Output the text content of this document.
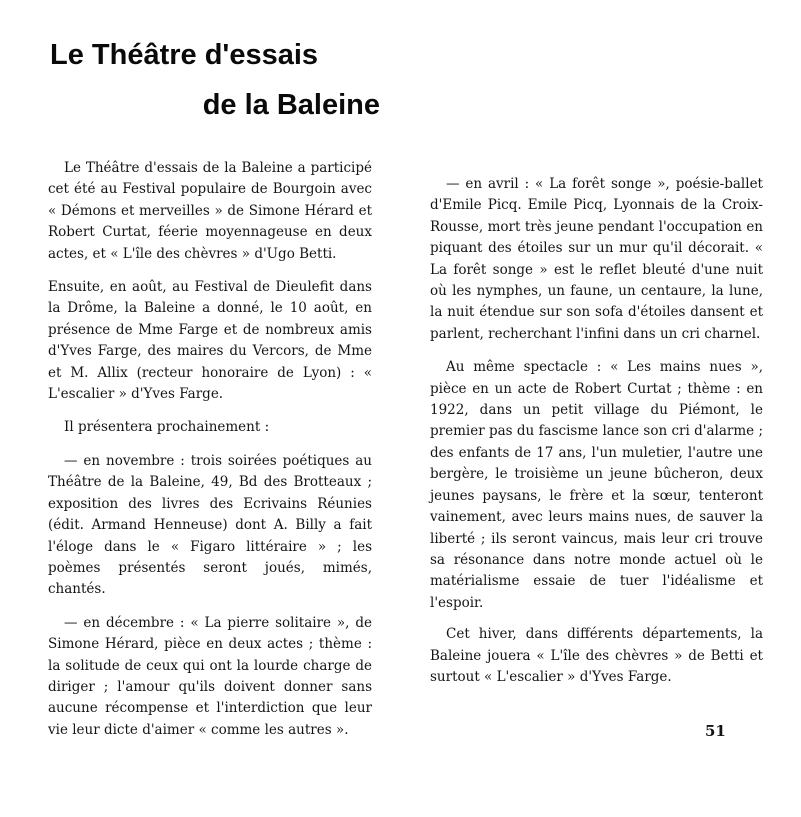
Le Théâtre d'essais
de la Baleine

Le Théâtre d'essais de la Baleine a participé cet été au Festival populaire de Bourgoin avec « Démons et merveilles » de Simone Hérard et Robert Curtat, féerie moyennageuse en deux actes, et « L'île des chèvres » d'Ugo Betti.

Ensuite, en août, au Festival de Dieulefit dans la Drôme, la Baleine a donné, le 10 août, en présence de Mme Farge et de nombreux amis d'Yves Farge, des maires du Vercors, de Mme et M. Allix (recteur honoraire de Lyon) : « L'escalier » d'Yves Farge.

Il présentera prochainement :

— en novembre : trois soirées poétiques au Théâtre de la Baleine, 49, Bd des Brotteaux ; exposition des livres des Ecrivains Réunies (édit. Armand Henneuse) dont A. Billy a fait l'éloge dans le « Figaro littéraire » ; les poèmes présentés seront joués, mimés, chantés.

— en décembre : « La pierre solitaire », de Simone Hérard, pièce en deux actes ; thème : la solitude de ceux qui ont la lourde charge de diriger ; l'amour qu'ils doivent donner sans aucune récompense et l'interdiction que leur vie leur dicte d'aimer « comme les autres ».

— en avril : « La forêt songe », poésie-ballet d'Emile Picq. Emile Picq, Lyonnais de la Croix-Rousse, mort très jeune pendant l'occupation en piquant des étoiles sur un mur qu'il décorait. « La forêt songe » est le reflet bleuté d'une nuit où les nymphes, un faune, un centaure, la lune, la nuit étendue sur son sofa d'étoiles dansent et parlent, recherchant l'infini dans un cri charnel.

Au même spectacle : « Les mains nues », pièce en un acte de Robert Curtat ; thème : en 1922, dans un petit village du Piémont, le premier pas du fascisme lance son cri d'alarme ; des enfants de 17 ans, l'un muletier, l'autre une bergère, le troisième un jeune bûcheron, deux jeunes paysans, le frère et la sœur, tenteront vainement, avec leurs mains nues, de sauver la liberté ; ils seront vaincus, mais leur cri trouve sa résonance dans notre monde actuel où le matérialisme essaie de tuer l'idéalisme et l'espoir.

Cet hiver, dans différents départements, la Baleine jouera « L'île des chèvres » de Betti et surtout « L'escalier » d'Yves Farge.

51
